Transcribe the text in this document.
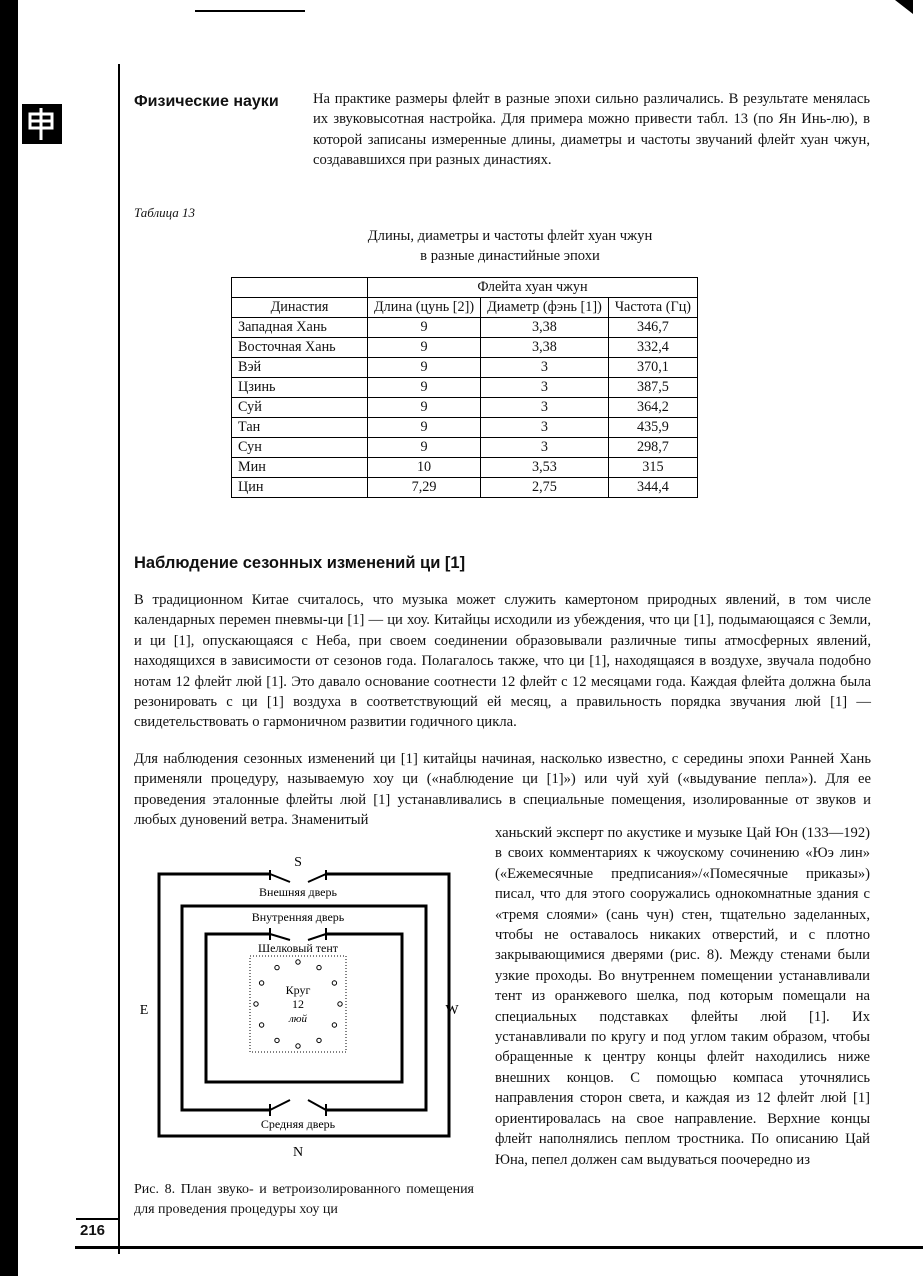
216
Физические науки	На практике размеры флейт в разные эпохи сильно различались. В результате менялась их звуковысотная настройка. Для примера можно привести табл. 13 (по Ян Инь-лю), в которой записаны измеренные длины, диаметры и частоты звучаний флейт хуан чжун, создававшихся при разных династиях.
Таблица 13
Длины, диаметры и частоты флейт хуан чжун
в разные династийные эпохи
	Флейта хуан чжун		
Династия	Длина (цунь [2])	Диаметр (фэнь [1])	Частота (Гц)
Западная Хань	9	3,38	346,7
Восточная Хань	9	3,38	332,4
Вэй	9	3	370,1
Цзинь	9	3	387,5
Суй	9	3	364,2
Тан	9	3	435,9
Сун	9	3	298,7
Мин	10	3,53	315
Цин	7,29	2,75	344,4
Наблюдение сезонных изменений ци [1]
В традиционном Китае считалось, что музыка может служить камертоном природных явлений, в том числе календарных перемен пневмы-ци [1] — ци хоу. Китайцы исходили из убеждения, что ци [1], подымающаяся с Земли, и ци [1], опускающаяся с Неба, при своем соединении образовывали различные типы атмосферных явлений, находящихся в зависимости от сезонов года. Полагалось также, что ци [1], находящаяся в воздухе, звучала подобно нотам 12 флейт люй [1]. Это давало основание соотнести 12 флейт с 12 месяцами года. Каждая флейта должна была резонировать с ци [1] воздуха в соответствующий ей месяц, а правильность порядка звучания люй [1] — свидетельствовать о гармоничном развитии годичного цикла.
Для наблюдения сезонных изменений ци [1] китайцы начиная, насколько известно, с середины эпохи Ранней Хань применяли процедуру, называемую хоу ци («наблюдение ци [1]») или чуй хуй («выдувание пепла»). Для ее проведения эталонные флейты люй [1] устанавливались в специальные помещения, изолированные от звуков и любых дуновений ветра. Знаменитый
ханьский эксперт по акустике и музыке Цай Юн (133—192) в своих комментариях к чжоускому сочинению «Юэ лин» («Ежемесячные предписания»/«Помесячные приказы») писал, что для этого сооружались однокомнатные здания с «тремя слоями» (сань чун) стен, тщательно заделанных, чтобы не оставалось никаких отверстий, и с плотно закрывающимися дверями (рис. 8). Между стенами были узкие проходы. Во внутреннем помещении устанавливали тент из оранжевого шелка, под которым помещали на специальных подставках флейты люй [1]. Их устанавливали по кругу и под углом таким образом, чтобы обращенные к центру концы флейт находились ниже внешних концов. С помощью компаса уточнялись направления сторон света, и каждая из 12 флейт люй [1] ориентировалась на свое направление. Верхние концы флейт наполнялись пеплом тростника. По описанию Цай Юна, пепел должен сам выдуваться поочередно из
S
N
E	W
Внешняя дверь
Внутренняя дверь
Шелковый тент
Круг
12
люй
Средняя дверь
Рис. 8. План звуко- и ветроизолированного помещения для проведения процедуры хоу ци
